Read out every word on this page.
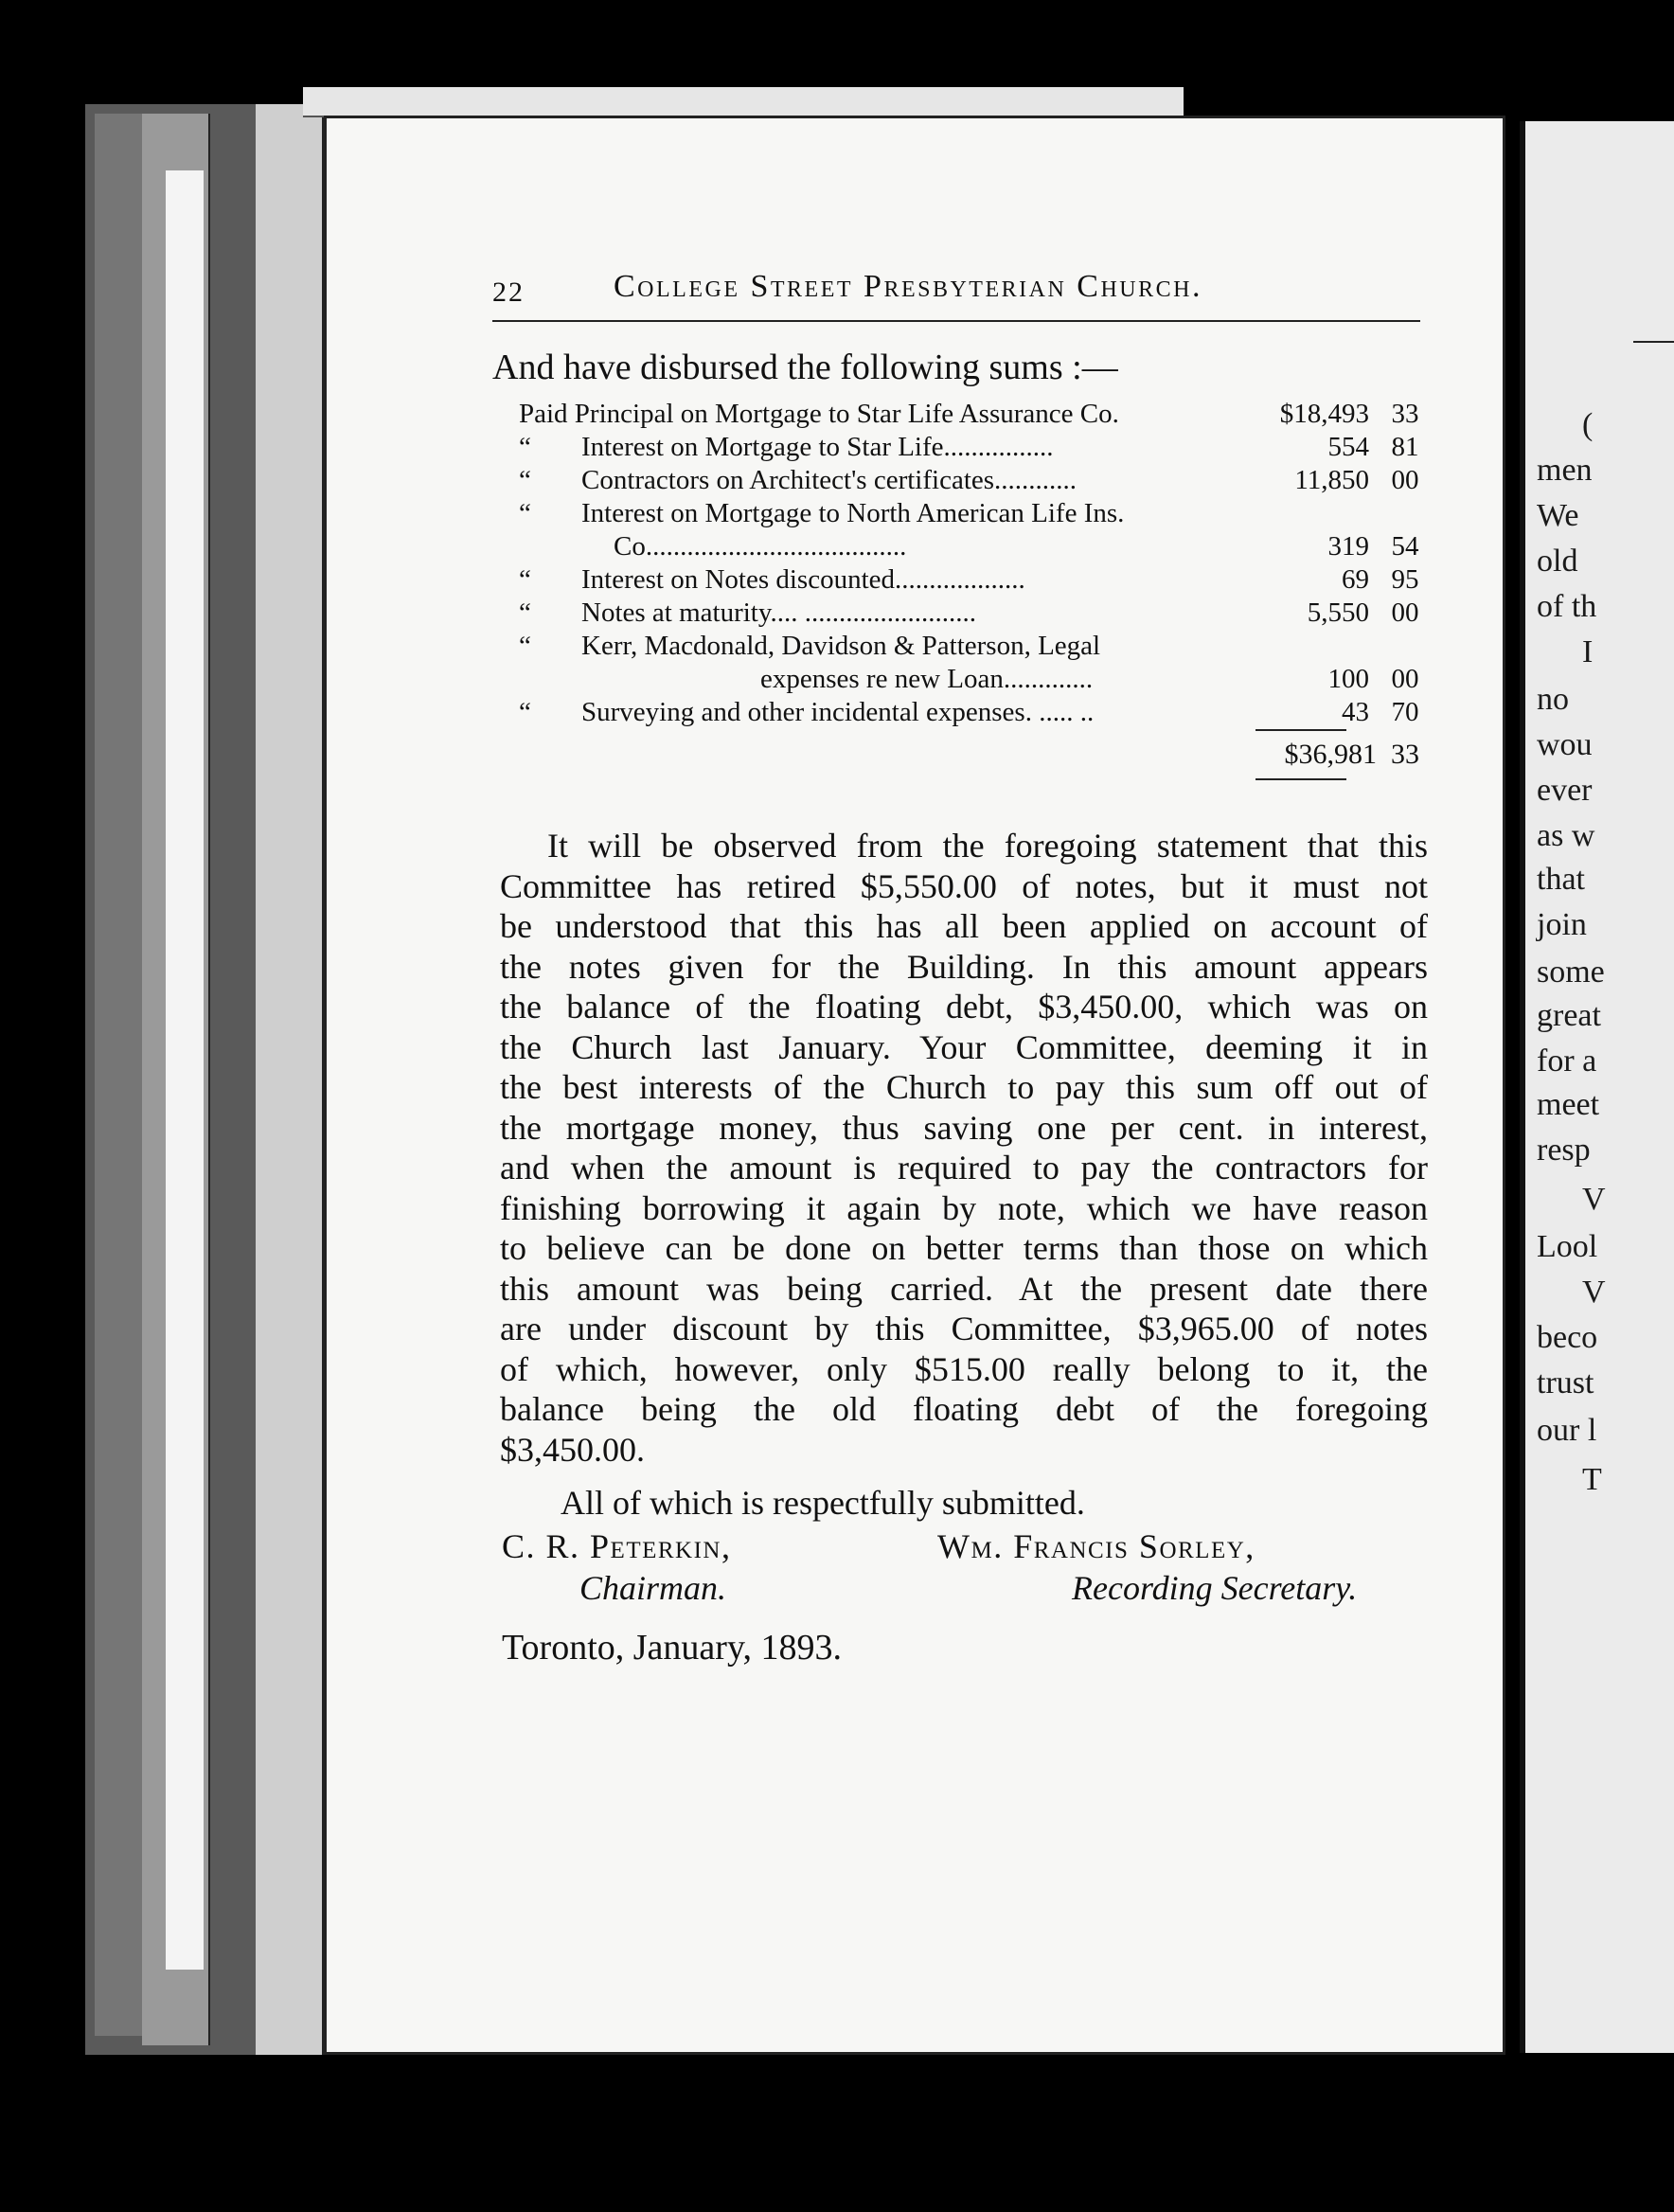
(
men
We
old
of th
I
no
wou
ever
as w
that
join
some
great
for a
meet
resp
V
Lool
V
beco
trust
our l
T
22	College Street Presbyterian Church.
And have disbursed the following sums :—
Paid Principal on Mortgage to Star Life Assurance Co.	$18,493 33
“ Interest on Mortgage to Star Life................	554 81
“ Contractors on Architect's certificates............	11,850 00
“ Interest on Mortgage to North American Life Ins.
Co......................................	319 54
“ Interest on Notes discounted...................	69 95
“ Notes at maturity.... .........................	5,550 00
“ Kerr, Macdonald, Davidson & Patterson, Legal
expenses re new Loan.............	100 00
“ Surveying and other incidental expenses. ..... ..	43 70
$36,981 33
It will be observed from the foregoing statement that this
Committee has retired $5,550.00 of notes, but it must not
be understood that this has all been applied on account of
the notes given for the Building. In this amount appears
the balance of the floating debt, $3,450.00, which was on
the Church last January. Your Committee, deeming it in
the best interests of the Church to pay this sum off out of
the mortgage money, thus saving one per cent. in interest,
and when the amount is required to pay the contractors for
finishing borrowing it again by note, which we have reason
to believe can be done on better terms than those on which
this amount was being carried. At the present date there
are under discount by this Committee, $3,965.00 of notes
of which, however, only $515.00 really belong to it, the
balance being the old floating debt of the foregoing
$3,450.00.
All of which is respectfully submitted.
C. R. Peterkin,
Chairman.
Wm. Francis Sorley,
Recording Secretary.
Toronto, January, 1893.
